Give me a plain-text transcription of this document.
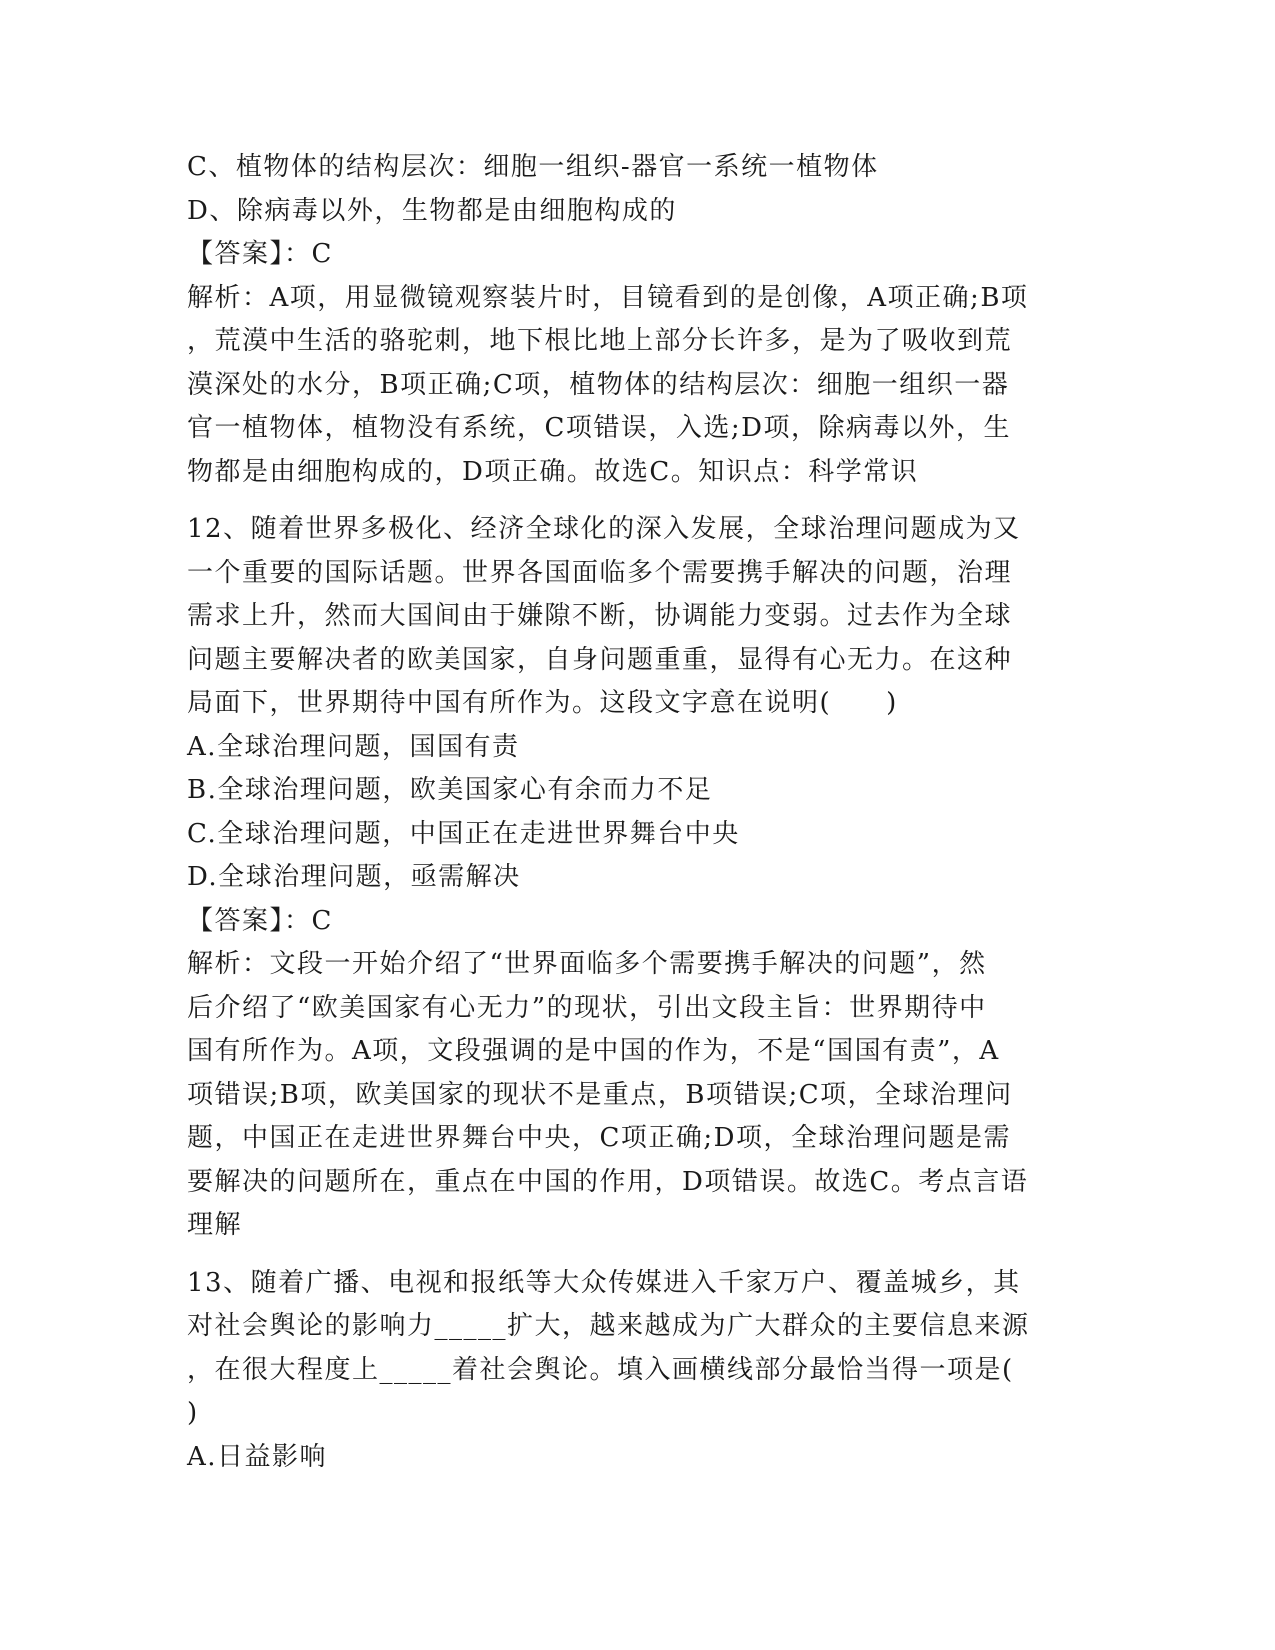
C、植物体的结构层次：细胞一组织-器官一系统一植物体
D、除病毒以外，生物都是由细胞构成的
【答案】：C
解析：A项，用显微镜观察装片时，目镜看到的是创像，A项正确;B项
，荒漠中生活的骆驼刺，地下根比地上部分长许多，是为了吸收到荒
漠深处的水分，B项正确;C项，植物体的结构层次：细胞一组织一器
官一植物体，植物没有系统，C项错误，入选;D项，除病毒以外，生
物都是由细胞构成的，D项正确。故选C。知识点：科学常识
12、随着世界多极化、经济全球化的深入发展，全球治理问题成为又
一个重要的国际话题。世界各国面临多个需要携手解决的问题，治理
需求上升，然而大国间由于嫌隙不断，协调能力变弱。过去作为全球
问题主要解决者的欧美国家，自身问题重重，显得有心无力。在这种
局面下，世界期待中国有所作为。这段文字意在说明(　　)
A.全球治理问题，国国有责
B.全球治理问题，欧美国家心有余而力不足
C.全球治理问题，中国正在走进世界舞台中央
D.全球治理问题，亟需解决
【答案】：C
解析：文段一开始介绍了“世界面临多个需要携手解决的问题”，然
后介绍了“欧美国家有心无力”的现状，引出文段主旨：世界期待中
国有所作为。A项，文段强调的是中国的作为，不是“国国有责”，A
项错误;B项，欧美国家的现状不是重点，B项错误;C项，全球治理问
题，中国正在走进世界舞台中央，C项正确;D项，全球治理问题是需
要解决的问题所在，重点在中国的作用，D项错误。故选C。考点言语
理解
13、随着广播、电视和报纸等大众传媒进入千家万户、覆盖城乡，其
对社会舆论的影响力_____扩大，越来越成为广大群众的主要信息来源
，在很大程度上_____着社会舆论。填入画横线部分最恰当得一项是(
)
A.日益影响
